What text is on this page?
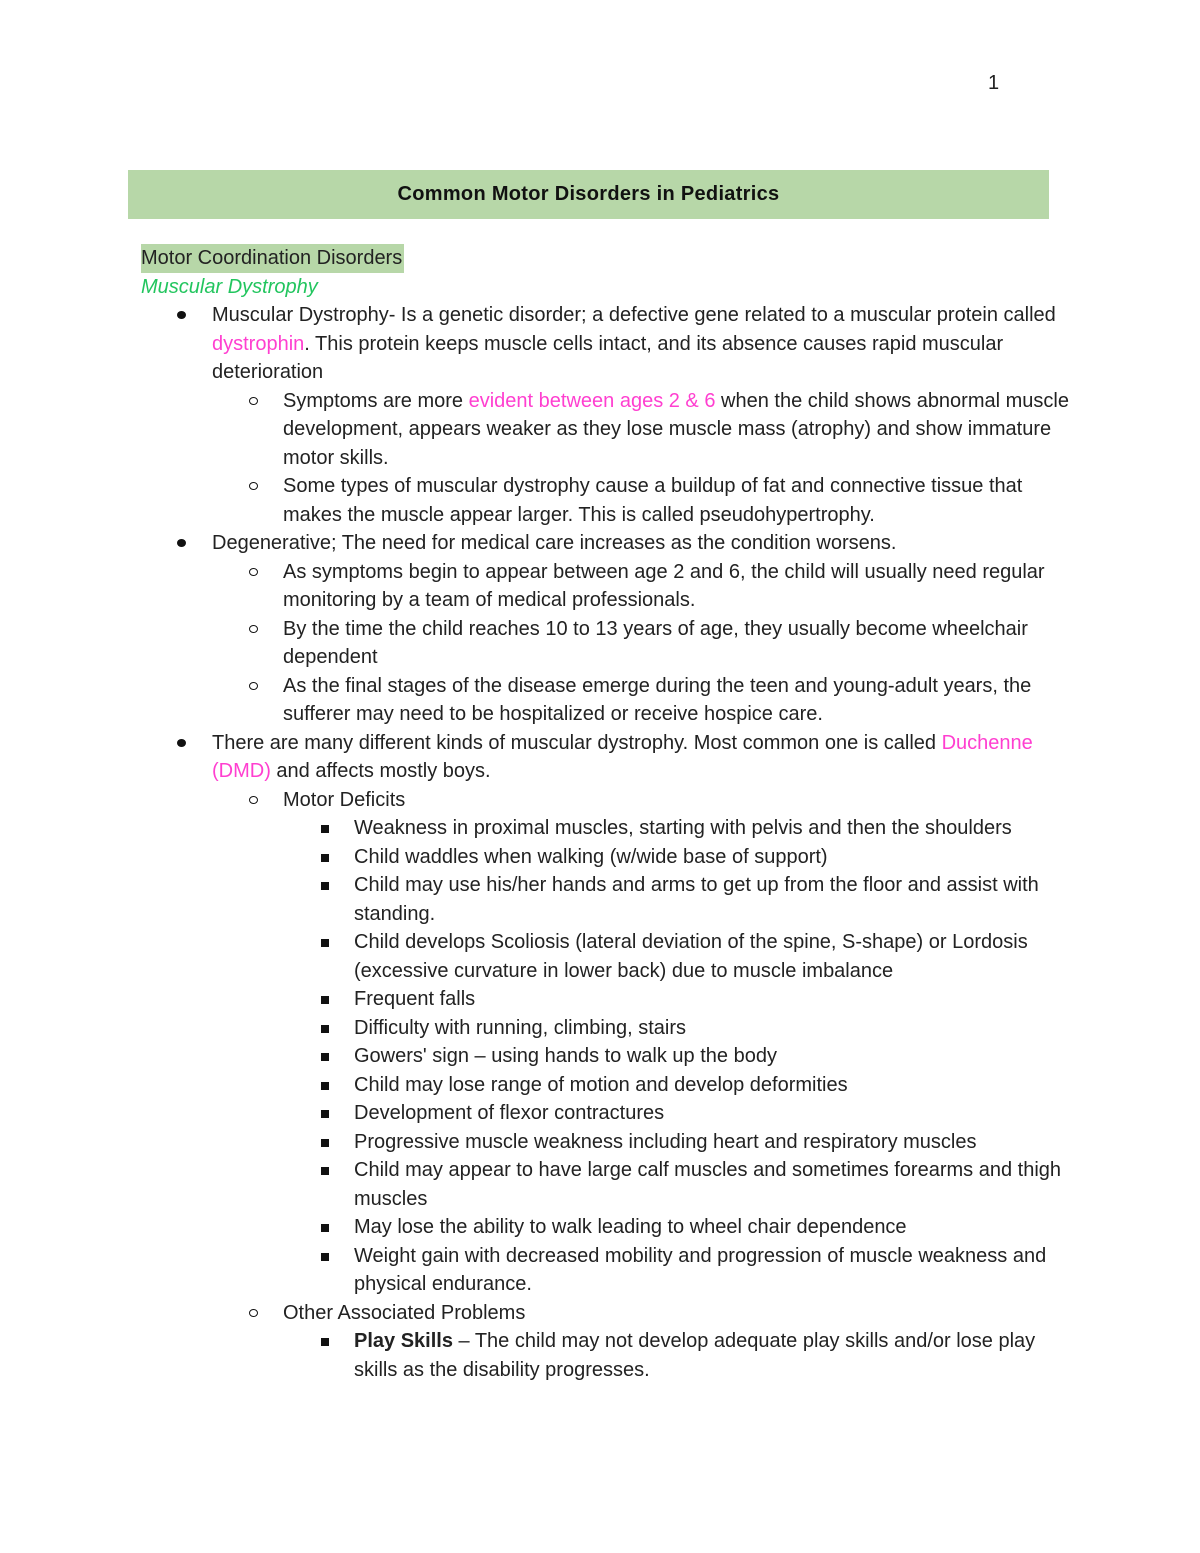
1
Common Motor Disorders in Pediatrics
Motor Coordination Disorders
Muscular Dystrophy
Muscular Dystrophy- Is a genetic disorder; a defective gene related to a muscular protein called dystrophin. This protein keeps muscle cells intact, and its absence causes rapid muscular deterioration
Symptoms are more evident between ages 2 & 6 when the child shows abnormal muscle development, appears weaker as they lose muscle mass (atrophy) and show immature motor skills.
Some types of muscular dystrophy cause a buildup of fat and connective tissue that makes the muscle appear larger. This is called pseudohypertrophy.
Degenerative; The need for medical care increases as the condition worsens.
As symptoms begin to appear between age 2 and 6, the child will usually need regular monitoring by a team of medical professionals.
By the time the child reaches 10 to 13 years of age, they usually become wheelchair dependent
As the final stages of the disease emerge during the teen and young-adult years, the sufferer may need to be hospitalized or receive hospice care.
There are many different kinds of muscular dystrophy. Most common one is called Duchenne (DMD) and affects mostly boys.
Motor Deficits
Weakness in proximal muscles, starting with pelvis and then the shoulders
Child waddles when walking (w/wide base of support)
Child may use his/her hands and arms to get up from the floor and assist with standing.
Child develops Scoliosis (lateral deviation of the spine, S-shape) or Lordosis (excessive curvature in lower back) due to muscle imbalance
Frequent falls
Difficulty with running, climbing, stairs
Gowers' sign – using hands to walk up the body
Child may lose range of motion and develop deformities
Development of flexor contractures
Progressive muscle weakness including heart and respiratory muscles
Child may appear to have large calf muscles and sometimes forearms and thigh muscles
May lose the ability to walk leading to wheel chair dependence
Weight gain with decreased mobility and progression of muscle weakness and physical endurance.
Other Associated Problems
Play Skills – The child may not develop adequate play skills and/or lose play skills as the disability progresses.
